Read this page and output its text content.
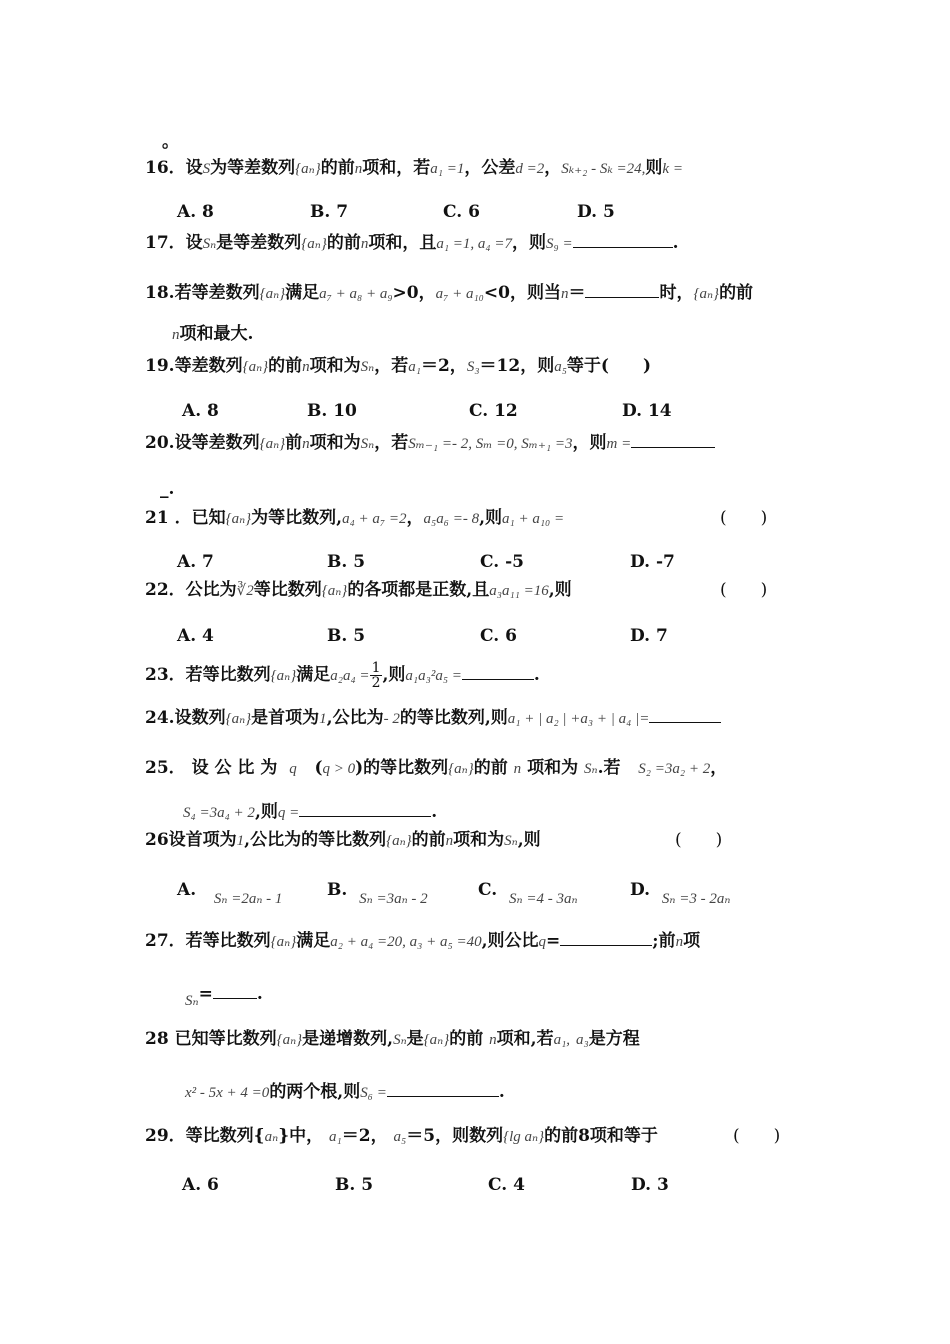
。
16．设S为等差数列{aₙ}的前n项和，若a₁ =1，公差d =2，Sₖ₊₂ - Sₖ =24,则k =
A. 8	B. 7	C. 6	D. 5
17．设Sₙ是等差数列{aₙ}的前n项和，且a₁ =1, a₄ =7，则S₉ =	.
18.若等差数列{aₙ}满足a₇ + a₈ + a₉>0，a₇ + a₁₀<0，则当n＝	时，{aₙ}的前
n项和最大.
19.等差数列{aₙ}的前n项和为Sₙ，若a₁＝2，S₃＝12，则a₅等于(　　)
A. 8	B. 10	C. 12	D. 14
20.设等差数列{aₙ}前n项和为Sₙ，若Sₘ₋₁ =- 2, Sₘ =0, Sₘ₊₁ =3，则m =
_.
21 ．已知{aₙ}为等比数列,a₄ + a₇ =2，a₅a₆ =- 8,则a₁ + a₁₀ =	(　　)
A. 7	B. 5	C. -5	D. -7
22．公比为∛2等比数列{aₙ}的各项都是正数,且a₃a₁₁ =16,则	(　　)
A. 4	B. 5	C. 6	D. 7
23．若等比数列{aₙ}满足$a_2a_4 = \frac{1}{2}$ ,则a₁a₃²a₅ =	.
24.设数列{aₙ}是首项为1,公比为- 2的等比数列,则a₁ + | a₂ | +a₃ + | a₄ |=
25． 设 公 比 为 q (q > 0)的等比数列{aₙ}的前 n 项和为 Sₙ.若 S₂ =3a₂ + 2，
S₄ =3a₄ + 2,则q =	.
26设首项为1,公比为的等比数列{aₙ}的前n项和为Sₙ,则	(　　)
A. Sₙ =2aₙ - 1	B. Sₙ =3aₙ - 2	C. Sₙ =4 - 3aₙ	D. Sₙ =3 - 2aₙ
27．若等比数列{aₙ}满足a₂ + a₄ =20, a₃ + a₅ =40,则公比q=	;前n项
Sₙ=	.
28 已知等比数列{aₙ}是递增数列,Sₙ是{aₙ}的前 n项和,若a₁, a₃是方程
x² - 5x + 4 =0的两个根,则S₆ =	.
29．等比数列{aₙ}中， a₁＝2， a₅＝5，则数列{lg aₙ}的前8项和等于	(　　)
A. 6	B. 5	C. 4	D. 3
